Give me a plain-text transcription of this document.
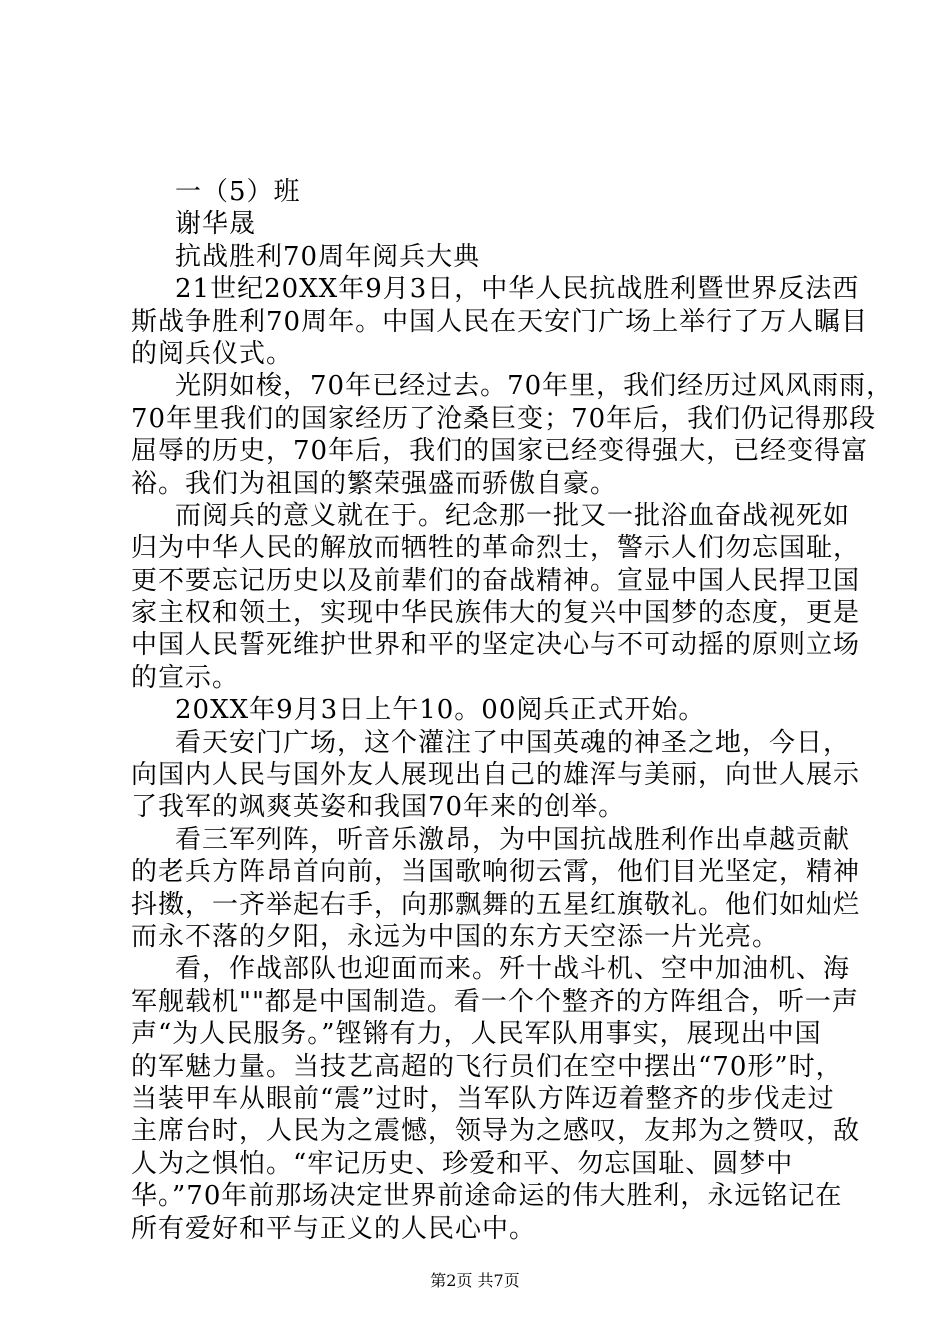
一（5）班
谢华晟
抗战胜利70周年阅兵大典
21世纪20XX年9月3日，中华人民抗战胜利暨世界反法西
斯战争胜利70周年。中国人民在天安门广场上举行了万人瞩目
的阅兵仪式。
光阴如梭，70年已经过去。70年里，我们经历过风风雨雨，
70年里我们的国家经历了沧桑巨变；70年后，我们仍记得那段
屈辱的历史，70年后，我们的国家已经变得强大，已经变得富
裕。我们为祖国的繁荣强盛而骄傲自豪。
而阅兵的意义就在于。纪念那一批又一批浴血奋战视死如
归为中华人民的解放而牺牲的革命烈士，警示人们勿忘国耻，
更不要忘记历史以及前辈们的奋战精神。宣显中国人民捍卫国
家主权和领土，实现中华民族伟大的复兴中国梦的态度，更是
中国人民誓死维护世界和平的坚定决心与不可动摇的原则立场
的宣示。
20XX年9月3日上午10。00阅兵正式开始。
看天安门广场，这个灌注了中国英魂的神圣之地，今日，
向国内人民与国外友人展现出自己的雄浑与美丽，向世人展示
了我军的飒爽英姿和我国70年来的创举。
看三军列阵，听音乐激昂，为中国抗战胜利作出卓越贡献
的老兵方阵昂首向前，当国歌响彻云霄，他们目光坚定，精神
抖擞，一齐举起右手，向那飘舞的五星红旗敬礼。他们如灿烂
而永不落的夕阳，永远为中国的东方天空添一片光亮。
看，作战部队也迎面而来。歼十战斗机、空中加油机、海
军舰载机""都是中国制造。看一个个整齐的方阵组合，听一声
声“为人民服务。”铿锵有力，人民军队用事实，展现出中国
的军魅力量。当技艺高超的飞行员们在空中摆出“70形”时，
当装甲车从眼前“震”过时，当军队方阵迈着整齐的步伐走过
主席台时，人民为之震憾，领导为之感叹，友邦为之赞叹，敌
人为之惧怕。“牢记历史、珍爱和平、勿忘国耻、圆梦中
华。”70年前那场决定世界前途命运的伟大胜利，永远铭记在
所有爱好和平与正义的人民心中。
第2页 共7页
